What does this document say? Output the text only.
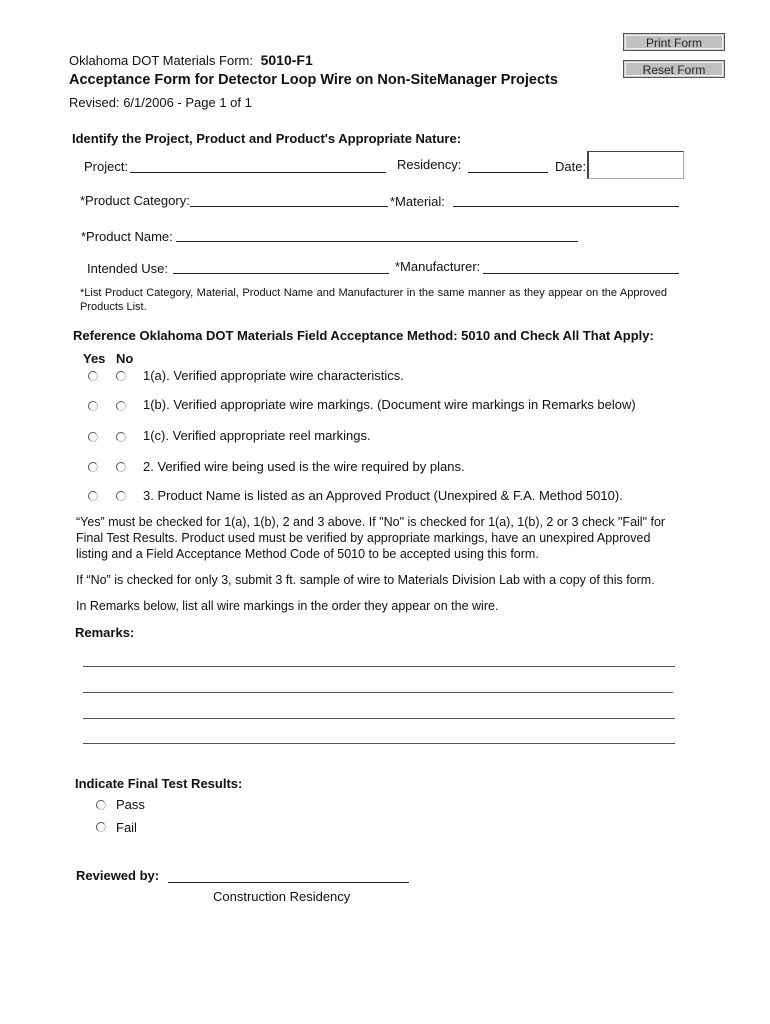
Print Form
Reset Form
Oklahoma DOT Materials Form: 5010-F1
Acceptance Form for Detector Loop Wire on Non-SiteManager Projects
Revised: 6/1/2006 - Page 1 of 1
Identify the Project, Product and Product's Appropriate Nature:
Project:	Residency:	Date:
*Product Category:	*Material:
*Product Name:
Intended Use:	*Manufacturer:
*List Product Category, Material, Product Name and Manufacturer in the same manner as they appear on the Approved Products List.
Reference Oklahoma DOT Materials Field Acceptance Method: 5010 and Check All That Apply:
Yes No
1(a). Verified appropriate wire characteristics.
1(b). Verified appropriate wire markings. (Document wire markings in Remarks below)
1(c). Verified appropriate reel markings.
2. Verified wire being used is the wire required by plans.
3. Product Name is listed as an Approved Product (Unexpired & F.A. Method 5010).
“Yes” must be checked for 1(a), 1(b), 2 and 3 above. If "No" is checked for 1(a), 1(b), 2 or 3 check "Fail" for Final Test Results. Product used must be verified by appropriate markings, have an unexpired Approved listing and a Field Acceptance Method Code of 5010 to be accepted using this form.
If “No” is checked for only 3, submit 3 ft. sample of wire to Materials Division Lab with a copy of this form.
In Remarks below, list all wire markings in the order they appear on the wire.
Remarks:
Indicate Final Test Results:
Pass
Fail
Reviewed by:
Construction Residency
